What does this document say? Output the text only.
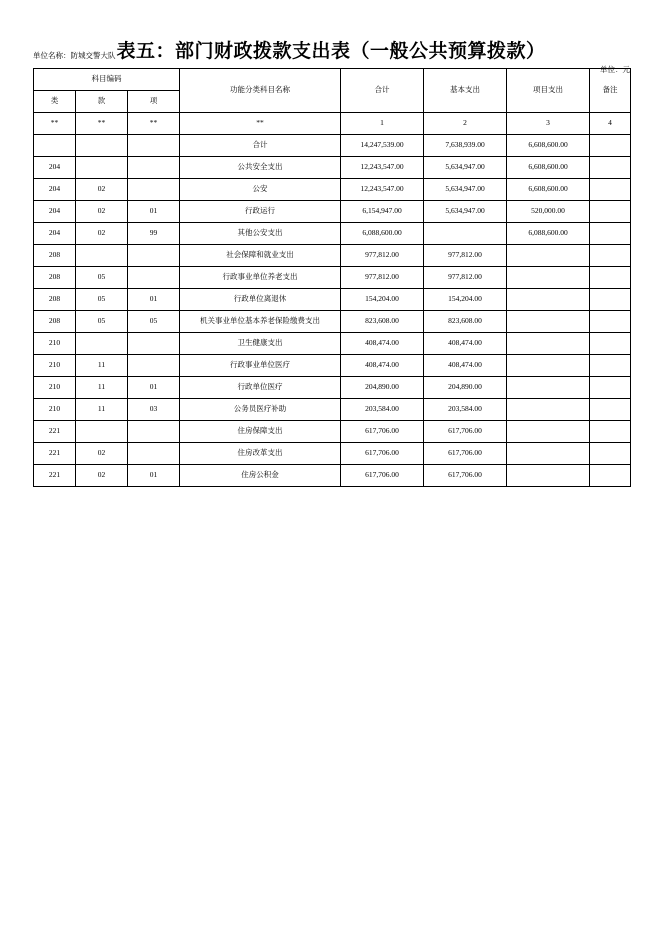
表五：部门财政拨款支出表（一般公共预算拨款）
单位名称：防城交警大队
单位：元
科目编码			功能分类科目名称	合计	基本支出	项目支出	备注
类	款	项					
**	**	**	**	1	2	3	4
			合计	14,247,539.00	7,638,939.00	6,608,600.00	
204			公共安全支出	12,243,547.00	5,634,947.00	6,608,600.00	
204	02		公安	12,243,547.00	5,634,947.00	6,608,600.00	
204	02	01	行政运行	6,154,947.00	5,634,947.00	520,000.00	
204	02	99	其他公安支出	6,088,600.00		6,088,600.00	
208			社会保障和就业支出	977,812.00	977,812.00		
208	05		行政事业单位养老支出	977,812.00	977,812.00		
208	05	01	行政单位离退休	154,204.00	154,204.00		
208	05	05	机关事业单位基本养老保险缴费支出	823,608.00	823,608.00		
210			卫生健康支出	408,474.00	408,474.00		
210	11		行政事业单位医疗	408,474.00	408,474.00		
210	11	01	行政单位医疗	204,890.00	204,890.00		
210	11	03	公务员医疗补助	203,584.00	203,584.00		
221			住房保障支出	617,706.00	617,706.00		
221	02		住房改革支出	617,706.00	617,706.00		
221	02	01	住房公积金	617,706.00	617,706.00		
